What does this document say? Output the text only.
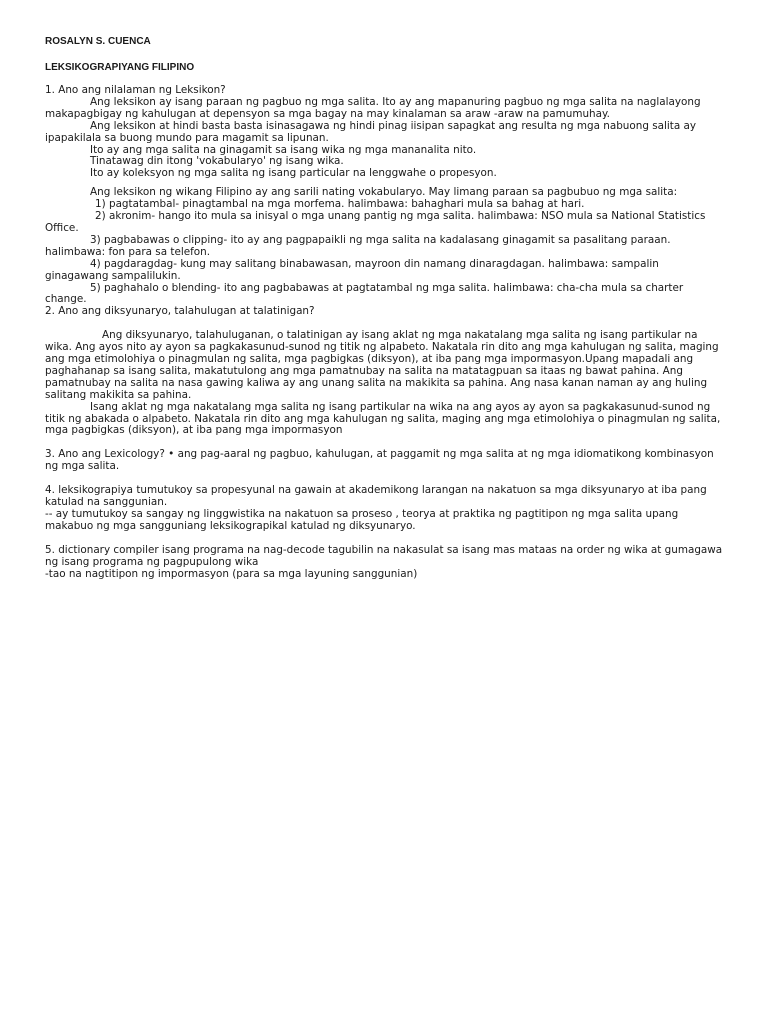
ROSALYN S. CUENCA

LEKSIKOGRAPIYANG FILIPINO

1. Ano ang nilalaman ng Leksikon?

Ang leksikon ay isang paraan ng pagbuo ng mga salita. Ito ay ang mapanuring pagbuo ng mga salita na naglalayong makapagbigay ng kahulugan at depensyon sa mga bagay na may kinalaman sa araw -araw na pamumuhay.

Ang leksikon at hindi basta basta isinasagawa ng hindi pinag iisipan sapagkat ang resulta ng mga nabuong salita ay ipapakilala sa buong mundo para magamit sa lipunan.

Ito ay ang mga salita na ginagamit sa isang wika ng mga mananalita nito.

Tinatawag din itong 'vokabularyo' ng isang wika.

Ito ay koleksyon ng mga salita ng isang particular na lenggwahe o propesyon.

Ang leksikon ng wikang Filipino ay ang sarili nating vokabularyo. May limang paraan sa pagbubuo ng mga salita:

1) pagtatambal- pinagtambal na mga morfema. halimbawa: bahaghari mula sa bahag at hari.

2) akronim- hango ito mula sa inisyal o mga unang pantig ng mga salita. halimbawa: NSO mula sa National Statistics Office.

3) pagbabawas o clipping- ito ay ang pagpapaikli ng mga salita na kadalasang ginagamit sa pasalitang paraan. halimbawa: fon para sa telefon.

4) pagdaragdag- kung may salitang binabawasan, mayroon din namang dinaragdagan. halimbawa: sampalin ginagawang sampalilukin.

5) paghahalo o blending- ito ang pagbabawas at pagtatambal ng mga salita. halimbawa: cha-cha mula sa charter change.

2. Ano ang diksyunaryo, talahulugan at talatinigan?

Ang diksyunaryo, talahuluganan, o talatinigan ay isang aklat ng mga nakatalang mga salita ng isang partikular na wika. Ang ayos nito ay ayon sa pagkakasunud-sunod ng titik ng alpabeto. Nakatala rin dito ang mga kahulugan ng salita, maging ang mga etimolohiya o pinagmulan ng salita, mga pagbigkas (diksyon), at iba pang mga impormasyon.Upang mapadali ang paghahanap sa isang salita, makatutulong ang mga pamatnubay na salita na matatagpuan sa itaas ng bawat pahina. Ang pamatnubay na salita na nasa gawing kaliwa ay ang unang salita na makikita sa pahina. Ang nasa kanan naman ay ang huling salitang makikita sa pahina.

Isang aklat ng mga nakatalang mga salita ng isang partikular na wika na ang ayos ay ayon sa pagkakasunud-sunod ng titik ng abakada o alpabeto. Nakatala rin dito ang mga kahulugan ng salita, maging ang mga etimolohiya o pinagmulan ng salita, mga pagbigkas (diksyon), at iba pang mga impormasyon

3. Ano ang Lexicology? • ang pag-aaral ng pagbuo, kahulugan, at paggamit ng mga salita at ng mga idiomatikong kombinasyon ng mga salita.

4. leksikograpiya tumutukoy sa propesyunal na gawain at akademikong larangan na nakatuon sa mga diksyunaryo at iba pang katulad na sanggunian.

-- ay tumutukoy sa sangay ng linggwistika na nakatuon sa proseso , teorya at praktika ng pagtitipon ng mga salita upang makabuo ng mga sangguniang leksikograpikal katulad ng diksyunaryo.

5. dictionary compiler isang programa na nag-decode tagubilin na nakasulat sa isang mas mataas na order ng wika at gumagawa ng isang programa ng pagpupulong wika

-tao na nagtitipon ng impormasyon (para sa mga layuning sanggunian)
